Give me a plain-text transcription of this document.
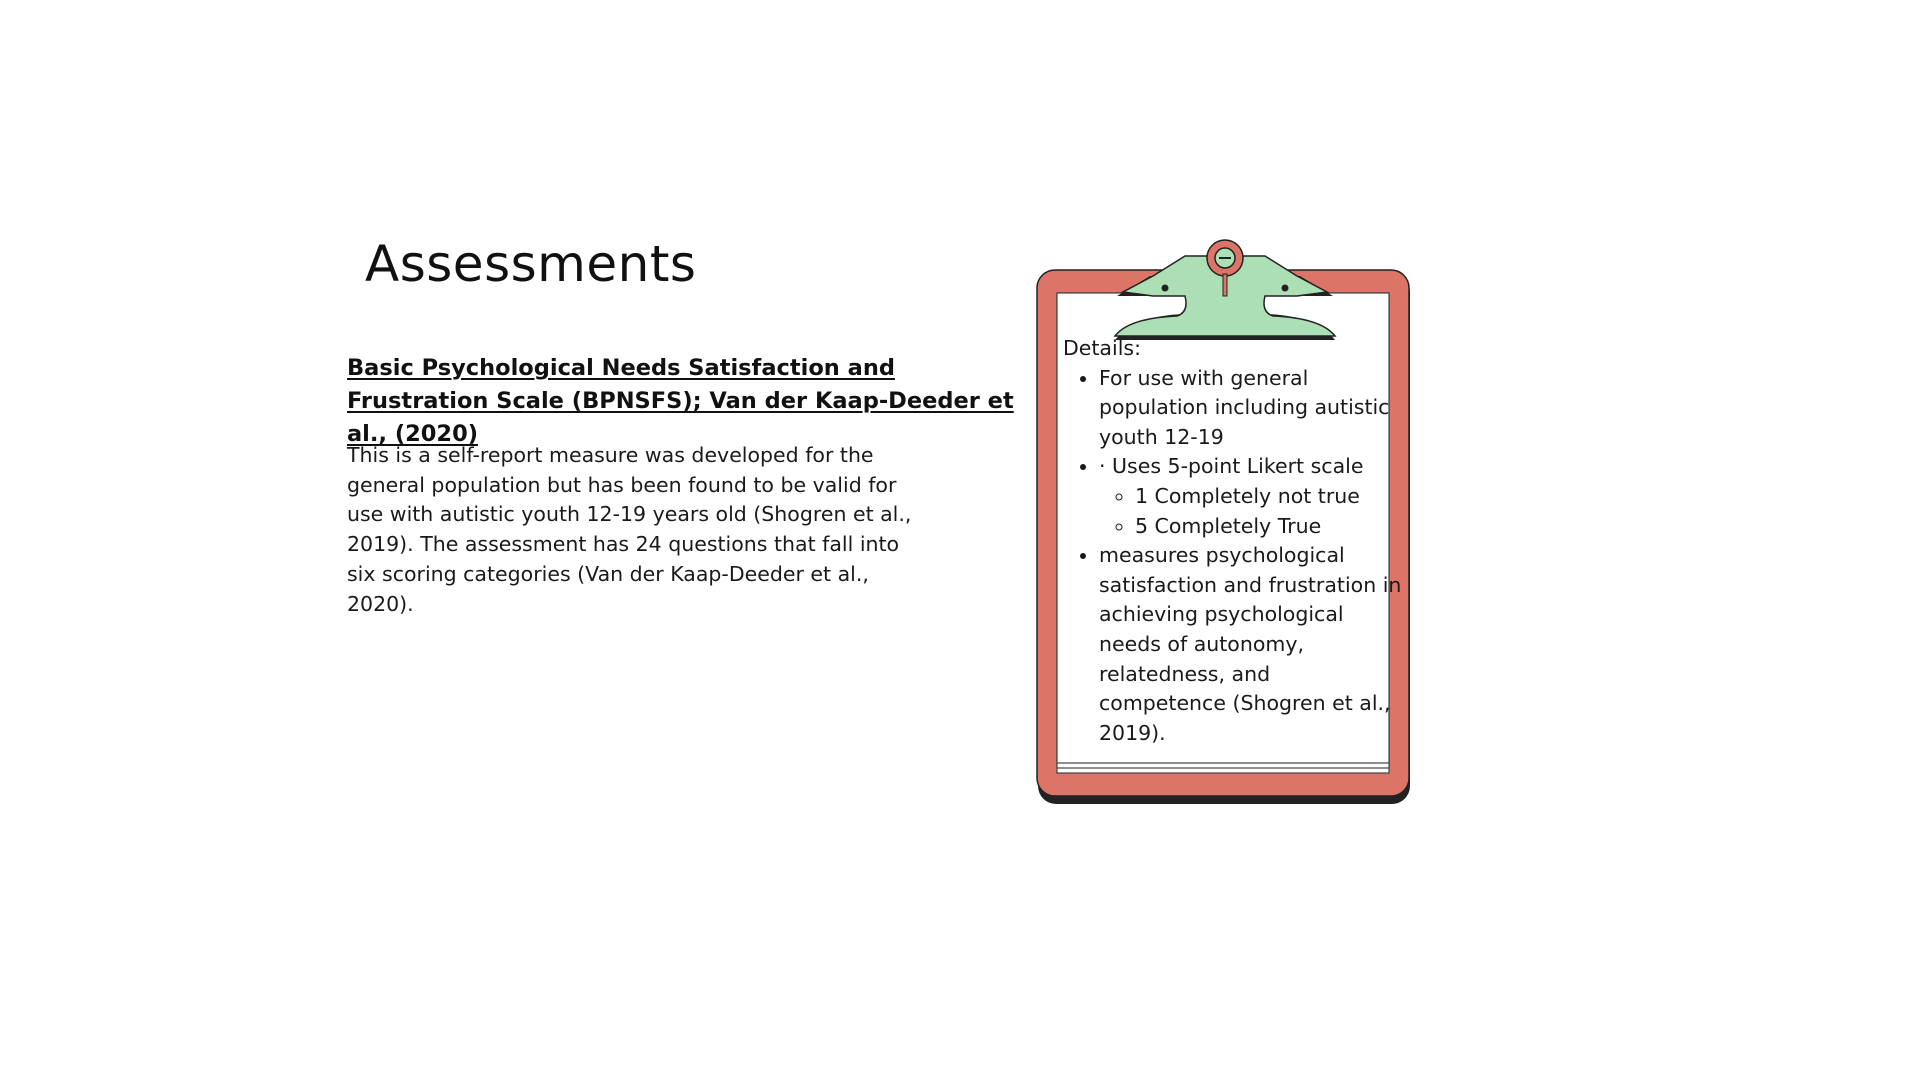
Assessments
Basic Psychological Needs Satisfaction and Frustration Scale (BPNSFS); Van der Kaap-Deeder et al., (2020)

This is a self-report measure was developed for the general population but has been found to be valid for use with autistic youth 12-19 years old (Shogren et al., 2019). The assessment has 24 questions that fall into six scoring categories (Van der Kaap-Deeder et al., 2020).

Details:
• For use with general population including autistic youth 12-19
• · Uses 5-point Likert scale
◦ 1 Completely not true
◦ 5 Completely True
• measures psychological satisfaction and frustration in achieving psychological needs of autonomy, relatedness, and competence (Shogren et al., 2019).
